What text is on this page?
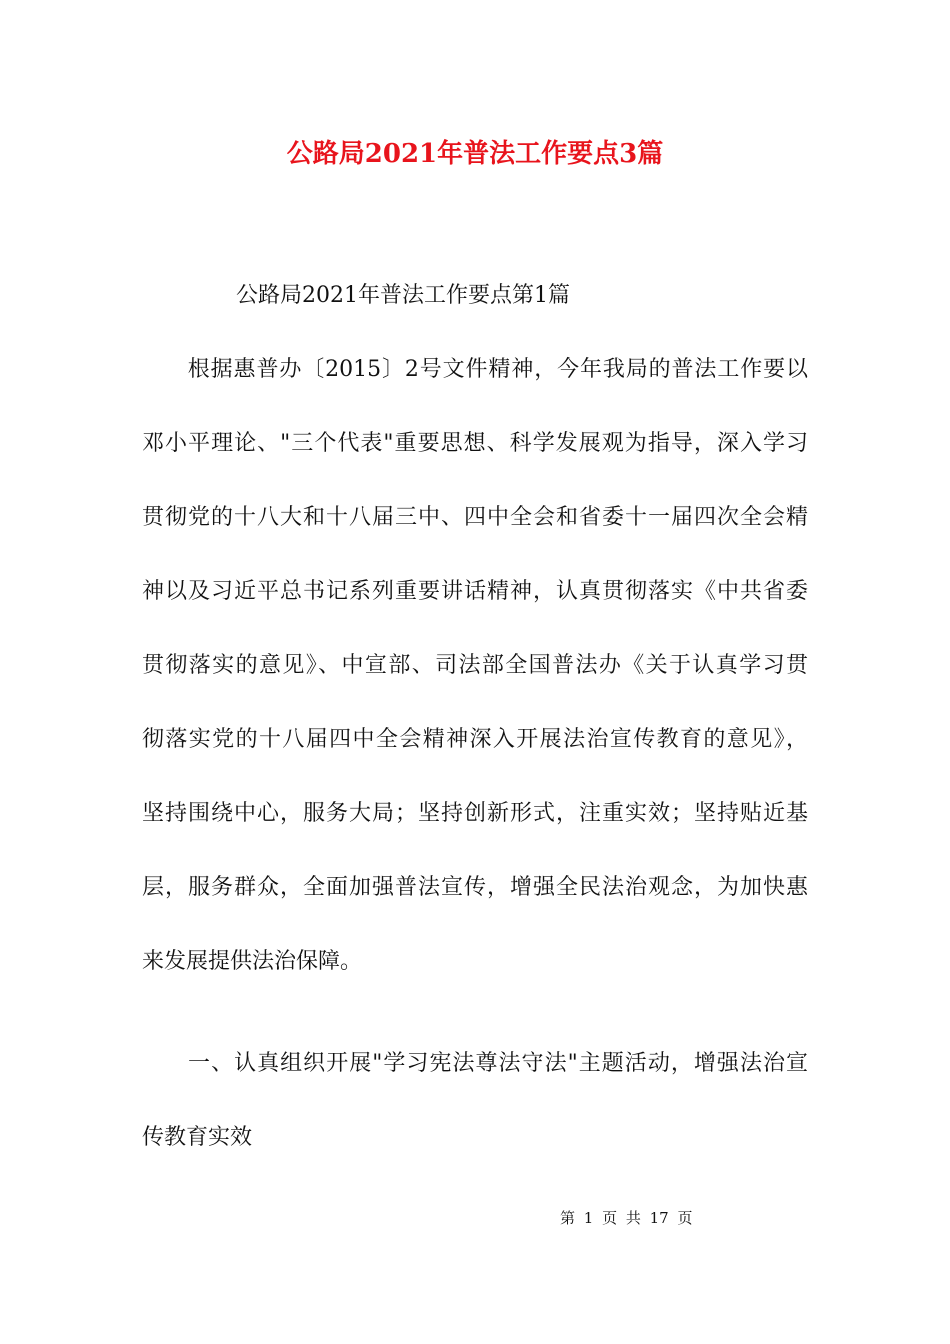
公路局2021年普法工作要点3篇
公路局2021年普法工作要点第1篇
　　根据惠普办〔2015〕2号文件精神，今年我局的普法工作要以
邓小平理论、"三个代表"重要思想、科学发展观为指导，深入学习
贯彻党的十八大和十八届三中、四中全会和省委十一届四次全会精
神以及习近平总书记系列重要讲话精神，认真贯彻落实《中共省委
贯彻落实的意见》、中宣部、司法部全国普法办《关于认真学习贯
彻落实党的十八届四中全会精神深入开展法治宣传教育的意见》，
坚持围绕中心，服务大局；坚持创新形式，注重实效；坚持贴近基
层，服务群众，全面加强普法宣传，增强全民法治观念，为加快惠
来发展提供法治保障。
　　一、认真组织开展"学习宪法尊法守法"主题活动，增强法治宣
传教育实效
第 1 页 共 17 页
